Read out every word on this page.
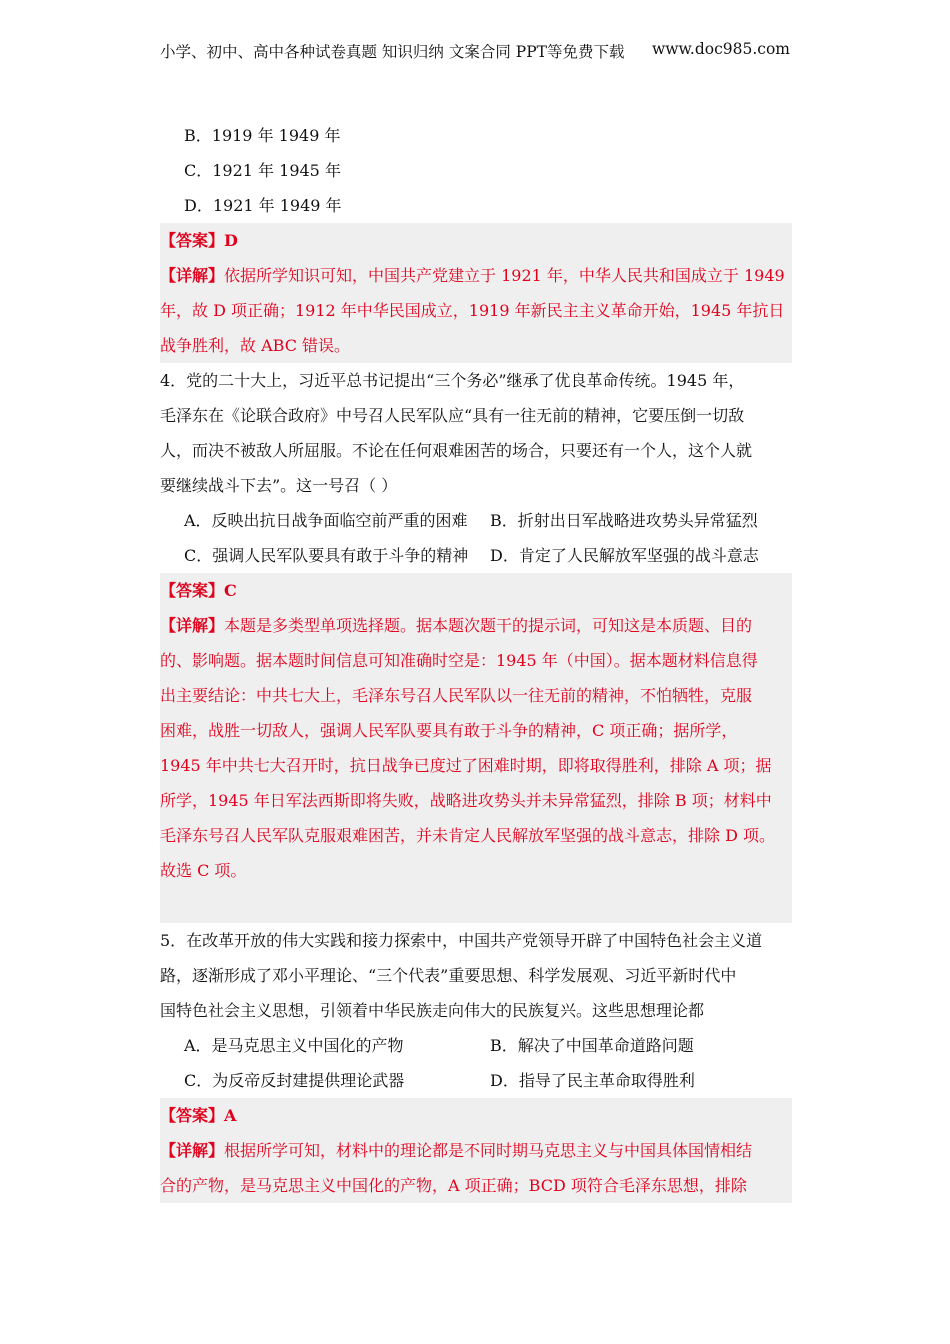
小学、初中、高中各种试卷真题 知识归纳 文案合同 PPT等免费下载 www.doc985.com
B．1919 年 1949 年
C．1921 年 1945 年
D．1921 年 1949 年
【答案】D
【详解】依据所学知识可知，中国共产党建立于 1921 年，中华人民共和国成立于 1949
年，故 D 项正确；1912 年中华民国成立，1919 年新民主主义革命开始，1945 年抗日
战争胜利，故 ABC 错误。
4．党的二十大上，习近平总书记提出“三个务必”继承了优良革命传统。1945 年，
毛泽东在《论联合政府》中号召人民军队应“具有一往无前的精神，它要压倒一切敌
人，而决不被敌人所屈服。不论在任何艰难困苦的场合，只要还有一个人，这个人就
要继续战斗下去”。这一号召（ ）
A．反映出抗日战争面临空前严重的困难	B．折射出日军战略进攻势头异常猛烈
C．强调人民军队要具有敢于斗争的精神	D．肯定了人民解放军坚强的战斗意志
【答案】C
【详解】本题是多类型单项选择题。据本题次题干的提示词，可知这是本质题、目的
的、影响题。据本题时间信息可知准确时空是：1945 年（中国）。据本题材料信息得
出主要结论：中共七大上，毛泽东号召人民军队以一往无前的精神，不怕牺牲，克服
困难，战胜一切敌人，强调人民军队要具有敢于斗争的精神，C 项正确；据所学，
1945 年中共七大召开时，抗日战争已度过了困难时期，即将取得胜利，排除 A 项；据
所学，1945 年日军法西斯即将失败，战略进攻势头并未异常猛烈，排除 B 项；材料中
毛泽东号召人民军队克服艰难困苦，并未肯定人民解放军坚强的战斗意志，排除 D 项。
故选 C 项。
5．在改革开放的伟大实践和接力探索中，中国共产党领导开辟了中国特色社会主义道
路，逐渐形成了邓小平理论、“三个代表”重要思想、科学发展观、习近平新时代中
国特色社会主义思想，引领着中华民族走向伟大的民族复兴。这些思想理论都
A．是马克思主义中国化的产物	B．解决了中国革命道路问题
C．为反帝反封建提供理论武器	D．指导了民主革命取得胜利
【答案】A
【详解】根据所学可知，材料中的理论都是不同时期马克思主义与中国具体国情相结
合的产物，是马克思主义中国化的产物，A 项正确；BCD 项符合毛泽东思想，排除
